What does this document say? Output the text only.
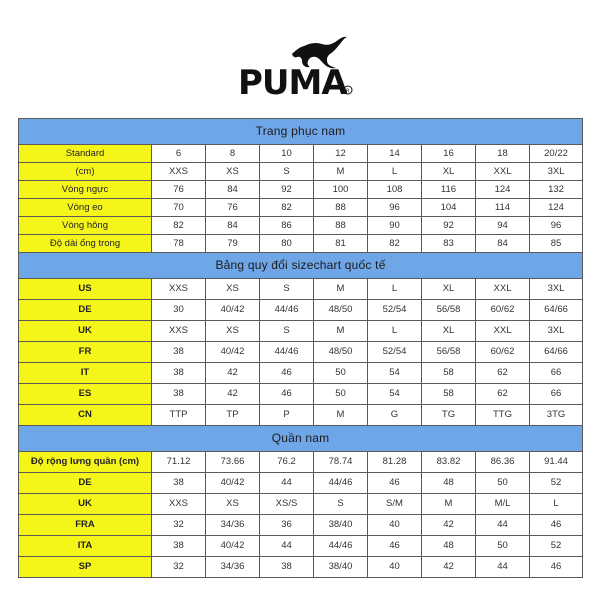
PUMA R
Trang phục nam								
Standard	6	8	10	12	14	16	18	20/22
(cm)	XXS	XS	S	M	L	XL	XXL	3XL
Vòng ngực	76	84	92	100	108	116	124	132
Vòng eo	70	76	82	88	96	104	114	124
Vòng hông	82	84	86	88	90	92	94	96
Độ dài ống trong	78	79	80	81	82	83	84	85
Bảng quy đổi sizechart quốc tế								
US	XXS	XS	S	M	L	XL	XXL	3XL
DE	30	40/42	44/46	48/50	52/54	56/58	60/62	64/66
UK	XXS	XS	S	M	L	XL	XXL	3XL
FR	38	40/42	44/46	48/50	52/54	56/58	60/62	64/66
IT	38	42	46	50	54	58	62	66
ES	38	42	46	50	54	58	62	66
CN	TTP	TP	P	M	G	TG	TTG	3TG
Quần nam								
Độ rộng lưng quần (cm)	71.12	73.66	76.2	78.74	81.28	83.82	86.36	91.44
DE	38	40/42	44	44/46	46	48	50	52
UK	XXS	XS	XS/S	S	S/M	M	M/L	L
FRA	32	34/36	36	38/40	40	42	44	46
ITA	38	40/42	44	44/46	46	48	50	52
SP	32	34/36	38	38/40	40	42	44	46
